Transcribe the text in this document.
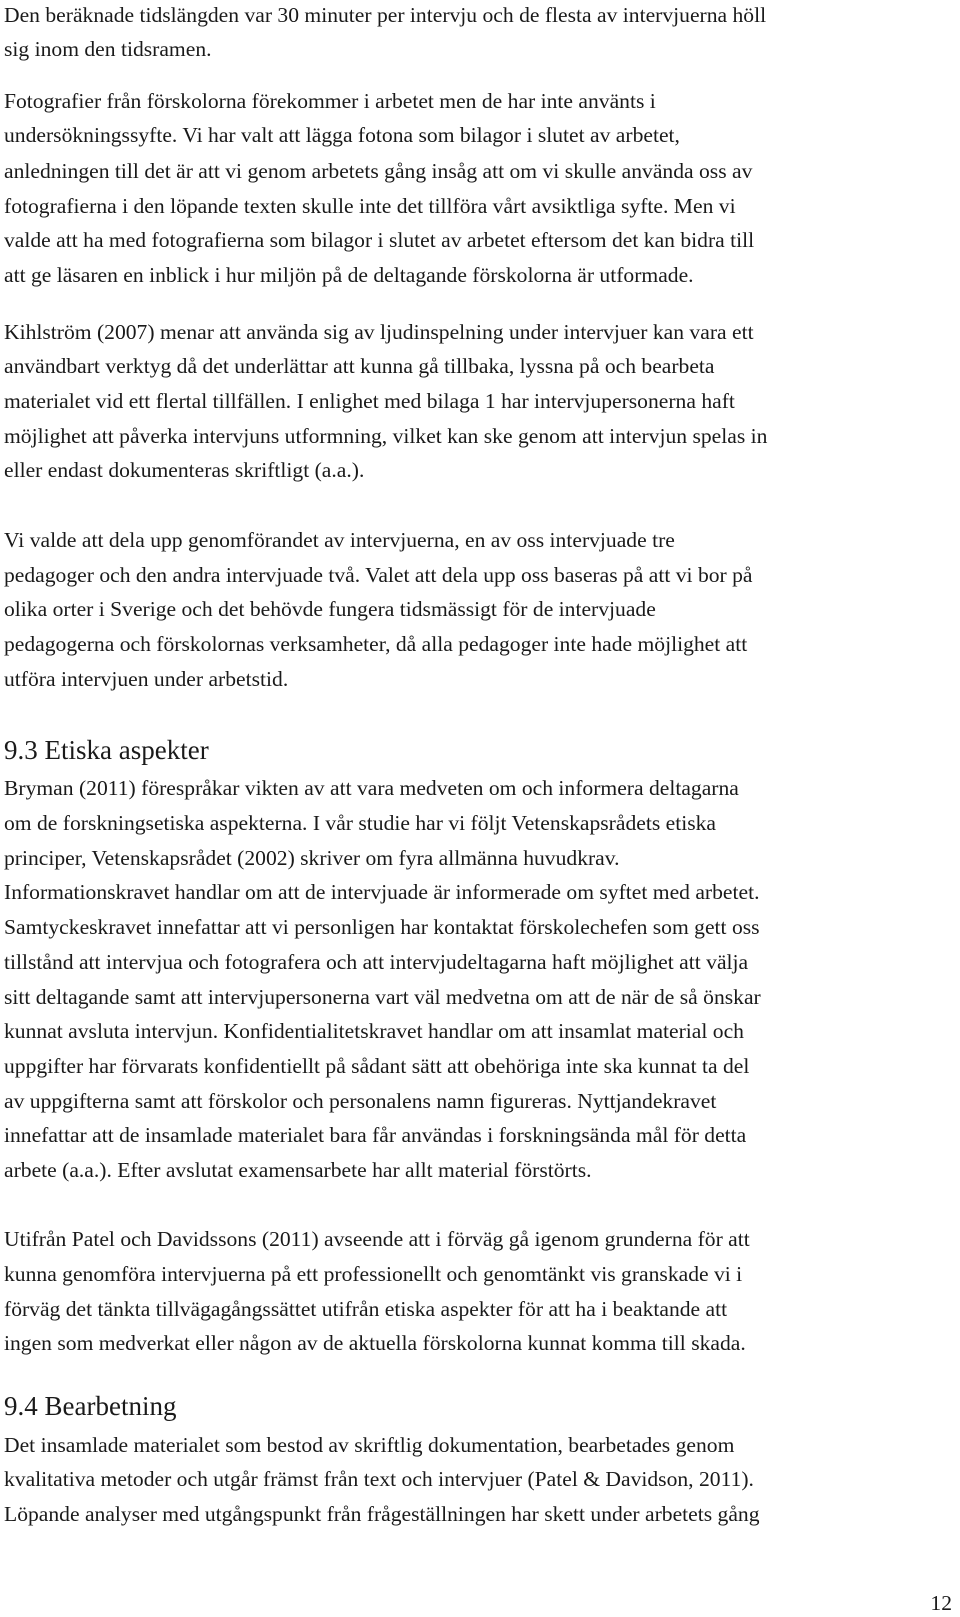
Den beräknade tidslängden var 30 minuter per intervju och de flesta av intervjuerna höll
sig inom den tidsramen.
Fotografier från förskolorna förekommer i arbetet men de har inte använts i
undersökningssyfte. Vi har valt att lägga fotona som bilagor i slutet av arbetet,
anledningen till det är att vi genom arbetets gång insåg att om vi skulle använda oss av
fotografierna i den löpande texten skulle inte det tillföra vårt avsiktliga syfte. Men vi
valde att ha med fotografierna som bilagor i slutet av arbetet eftersom det kan bidra till
att ge läsaren en inblick i hur miljön på de deltagande förskolorna är utformade.
Kihlström (2007) menar att använda sig av ljudinspelning under intervjuer kan vara ett
användbart verktyg då det underlättar att kunna gå tillbaka, lyssna på och bearbeta
materialet vid ett flertal tillfällen. I enlighet med bilaga 1 har intervjupersonerna haft
möjlighet att påverka intervjuns utformning, vilket kan ske genom att intervjun spelas in
eller endast dokumenteras skriftligt (a.a.).
Vi valde att dela upp genomförandet av intervjuerna, en av oss intervjuade tre
pedagoger och den andra intervjuade två. Valet att dela upp oss baseras på att vi bor på
olika orter i Sverige och det behövde fungera tidsmässigt för de intervjuade
pedagogerna och förskolornas verksamheter, då alla pedagoger inte hade möjlighet att
utföra intervjuen under arbetstid.
9.3 Etiska aspekter
Bryman (2011) förespråkar vikten av att vara medveten om och informera deltagarna
om de forskningsetiska aspekterna. I vår studie har vi följt Vetenskapsrådets etiska
principer, Vetenskapsrådet (2002) skriver om fyra allmänna huvudkrav.
Informationskravet handlar om att de intervjuade är informerade om syftet med arbetet.
Samtyckeskravet innefattar att vi personligen har kontaktat förskolechefen som gett oss
tillstånd att intervjua och fotografera och att intervjudeltagarna haft möjlighet att välja
sitt deltagande samt att intervjupersonerna vart väl medvetna om att de när de så önskar
kunnat avsluta intervjun. Konfidentialitetskravet handlar om att insamlat material och
uppgifter har förvarats konfidentiellt på sådant sätt att obehöriga inte ska kunnat ta del
av uppgifterna samt att förskolor och personalens namn figureras. Nyttjandekravet
innefattar att de insamlade materialet bara får användas i forskningsända mål för detta
arbete (a.a.). Efter avslutat examensarbete har allt material förstörts.
Utifrån Patel och Davidssons (2011) avseende att i förväg gå igenom grunderna för att
kunna genomföra intervjuerna på ett professionellt och genomtänkt vis granskade vi i
förväg det tänkta tillvägagångssättet utifrån etiska aspekter för att ha i beaktande att
ingen som medverkat eller någon av de aktuella förskolorna kunnat komma till skada.
9.4 Bearbetning
Det insamlade materialet som bestod av skriftlig dokumentation, bearbetades genom
kvalitativa metoder och utgår främst från text och intervjuer (Patel & Davidson, 2011).
Löpande analyser med utgångspunkt från frågeställningen har skett under arbetets gång
12
